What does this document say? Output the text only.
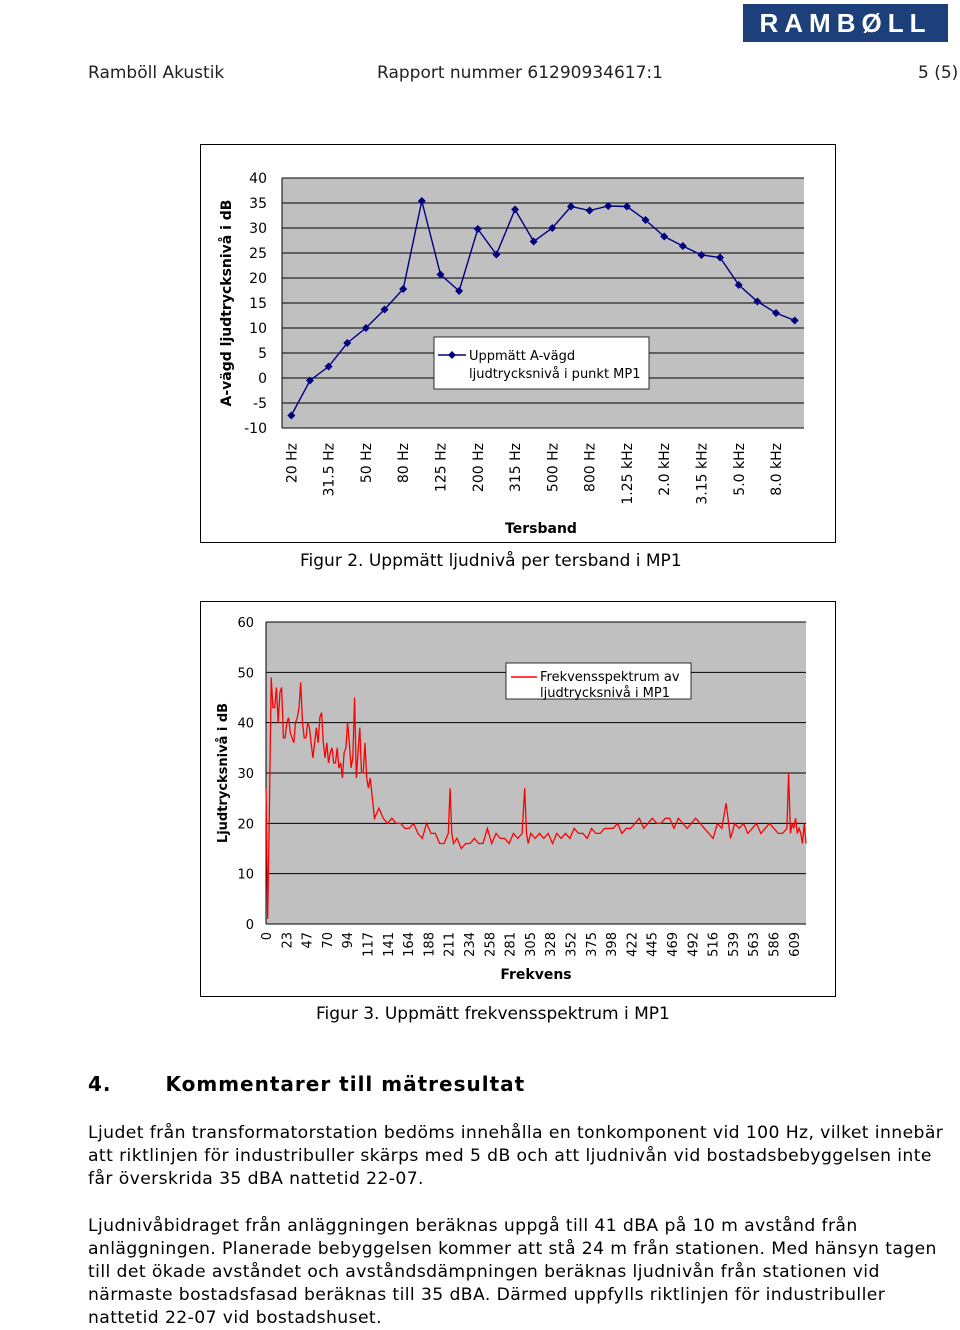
RAMBØLL
Ramböll Akustik	Rapport nummer 61290934617:1	5 (5)
40
35
30
25
20
15
10
5
0
-5
-10
20 Hz 31.5 Hz 50 Hz 80 Hz 125 Hz 200 Hz 315 Hz 500 Hz 800 Hz 1.25 kHz 2.0 kHz 3.15 kHz 5.0 kHz 8.0 kHz
Uppmätt A-vägd
ljudtrycksnivå i punkt MP1
A-vägd ljudtrycksnivå i dB
Tersband
Figur 2. Uppmätt ljudnivå per tersband i MP1
60
50
40
30
20
10
0
0 23 47 70 94 117 141 164 188 211 234 258 281 305 328 352 375 398 422 445 469 492 516 539 563 586 609
Frekvensspektrum av
ljudtrycksnivå i MP1
Ljudtrycksnivå i dB
Frekvens
Figur 3. Uppmätt frekvensspektrum i MP1
4.	Kommentarer till mätresultat
Ljudet från transformatorstation bedöms innehålla en tonkomponent vid 100 Hz, vilket innebär att riktlinjen för industribuller skärps med 5 dB och att ljudnivån vid bostadsbebyggelsen inte får överskrida 35 dBA nattetid 22-07.
Ljudnivåbidraget från anläggningen beräknas uppgå till 41 dBA på 10 m avstånd från anläggningen. Planerade bebyggelsen kommer att stå 24 m från stationen. Med hänsyn tagen till det ökade avståndet och avståndsdämpningen beräknas ljudnivån från stationen vid närmaste bostadsfasad beräknas till 35 dBA. Därmed uppfylls riktlinjen för industribuller nattetid 22-07 vid bostadshuset.
